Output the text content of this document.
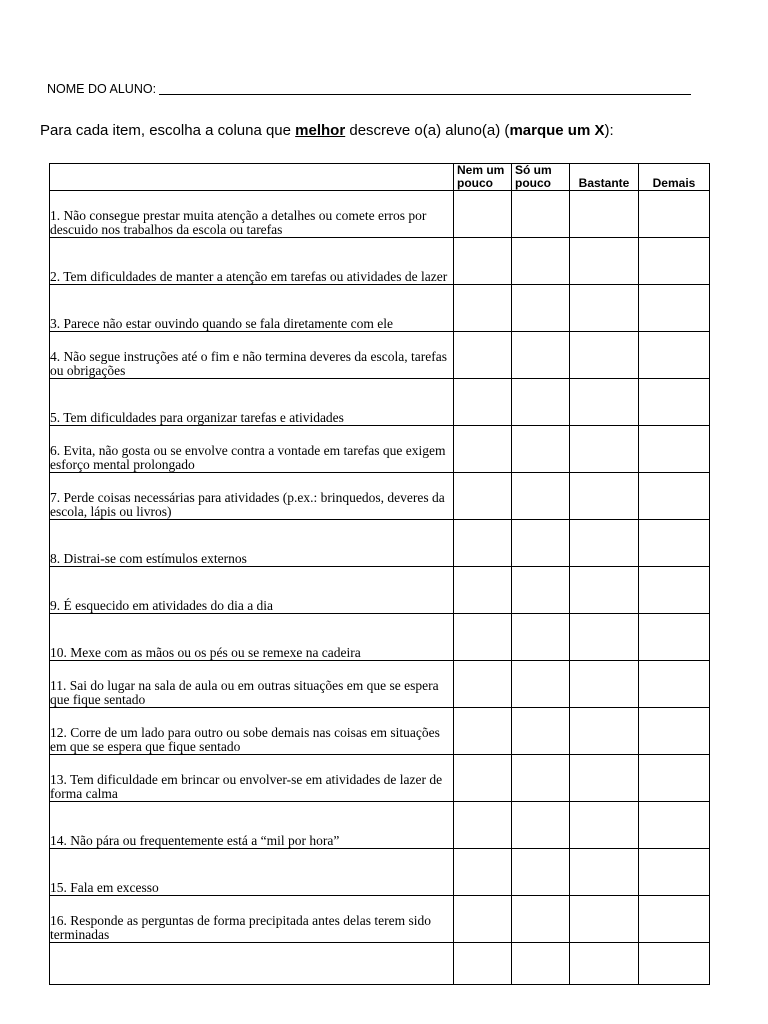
NOME DO ALUNO:
Para cada item, escolha a coluna que melhor descreve o(a) aluno(a) (marque um X):
	Nem um pouco	Só um pouco	Bastante	Demais
1. Não consegue prestar muita atenção a detalhes ou comete erros por descuido nos trabalhos da escola ou tarefas				
2. Tem dificuldades de manter a atenção em tarefas ou atividades de lazer				
3. Parece não estar ouvindo quando se fala diretamente com ele				
4. Não segue instruções até o fim e não termina deveres da escola, tarefas ou obrigações				
5. Tem dificuldades para organizar tarefas e atividades				
6. Evita, não gosta ou se envolve contra a vontade em tarefas que exigem esforço mental prolongado				
7. Perde coisas necessárias para atividades (p.ex.: brinquedos, deveres da escola, lápis ou livros)				
8. Distrai-se com estímulos externos				
9. É esquecido em atividades do dia a dia				
10. Mexe com as mãos ou os pés ou se remexe na cadeira				
11. Sai do lugar na sala de aula ou em outras situações em que se espera que fique sentado				
12. Corre de um lado para outro ou sobe demais nas coisas em situações em que se espera que fique sentado				
13. Tem dificuldade em brincar ou envolver-se em atividades de lazer de forma calma				
14. Não pára ou frequentemente está a “mil por hora”				
15. Fala em excesso				
16. Responde as perguntas de forma precipitada antes delas terem sido terminadas				
